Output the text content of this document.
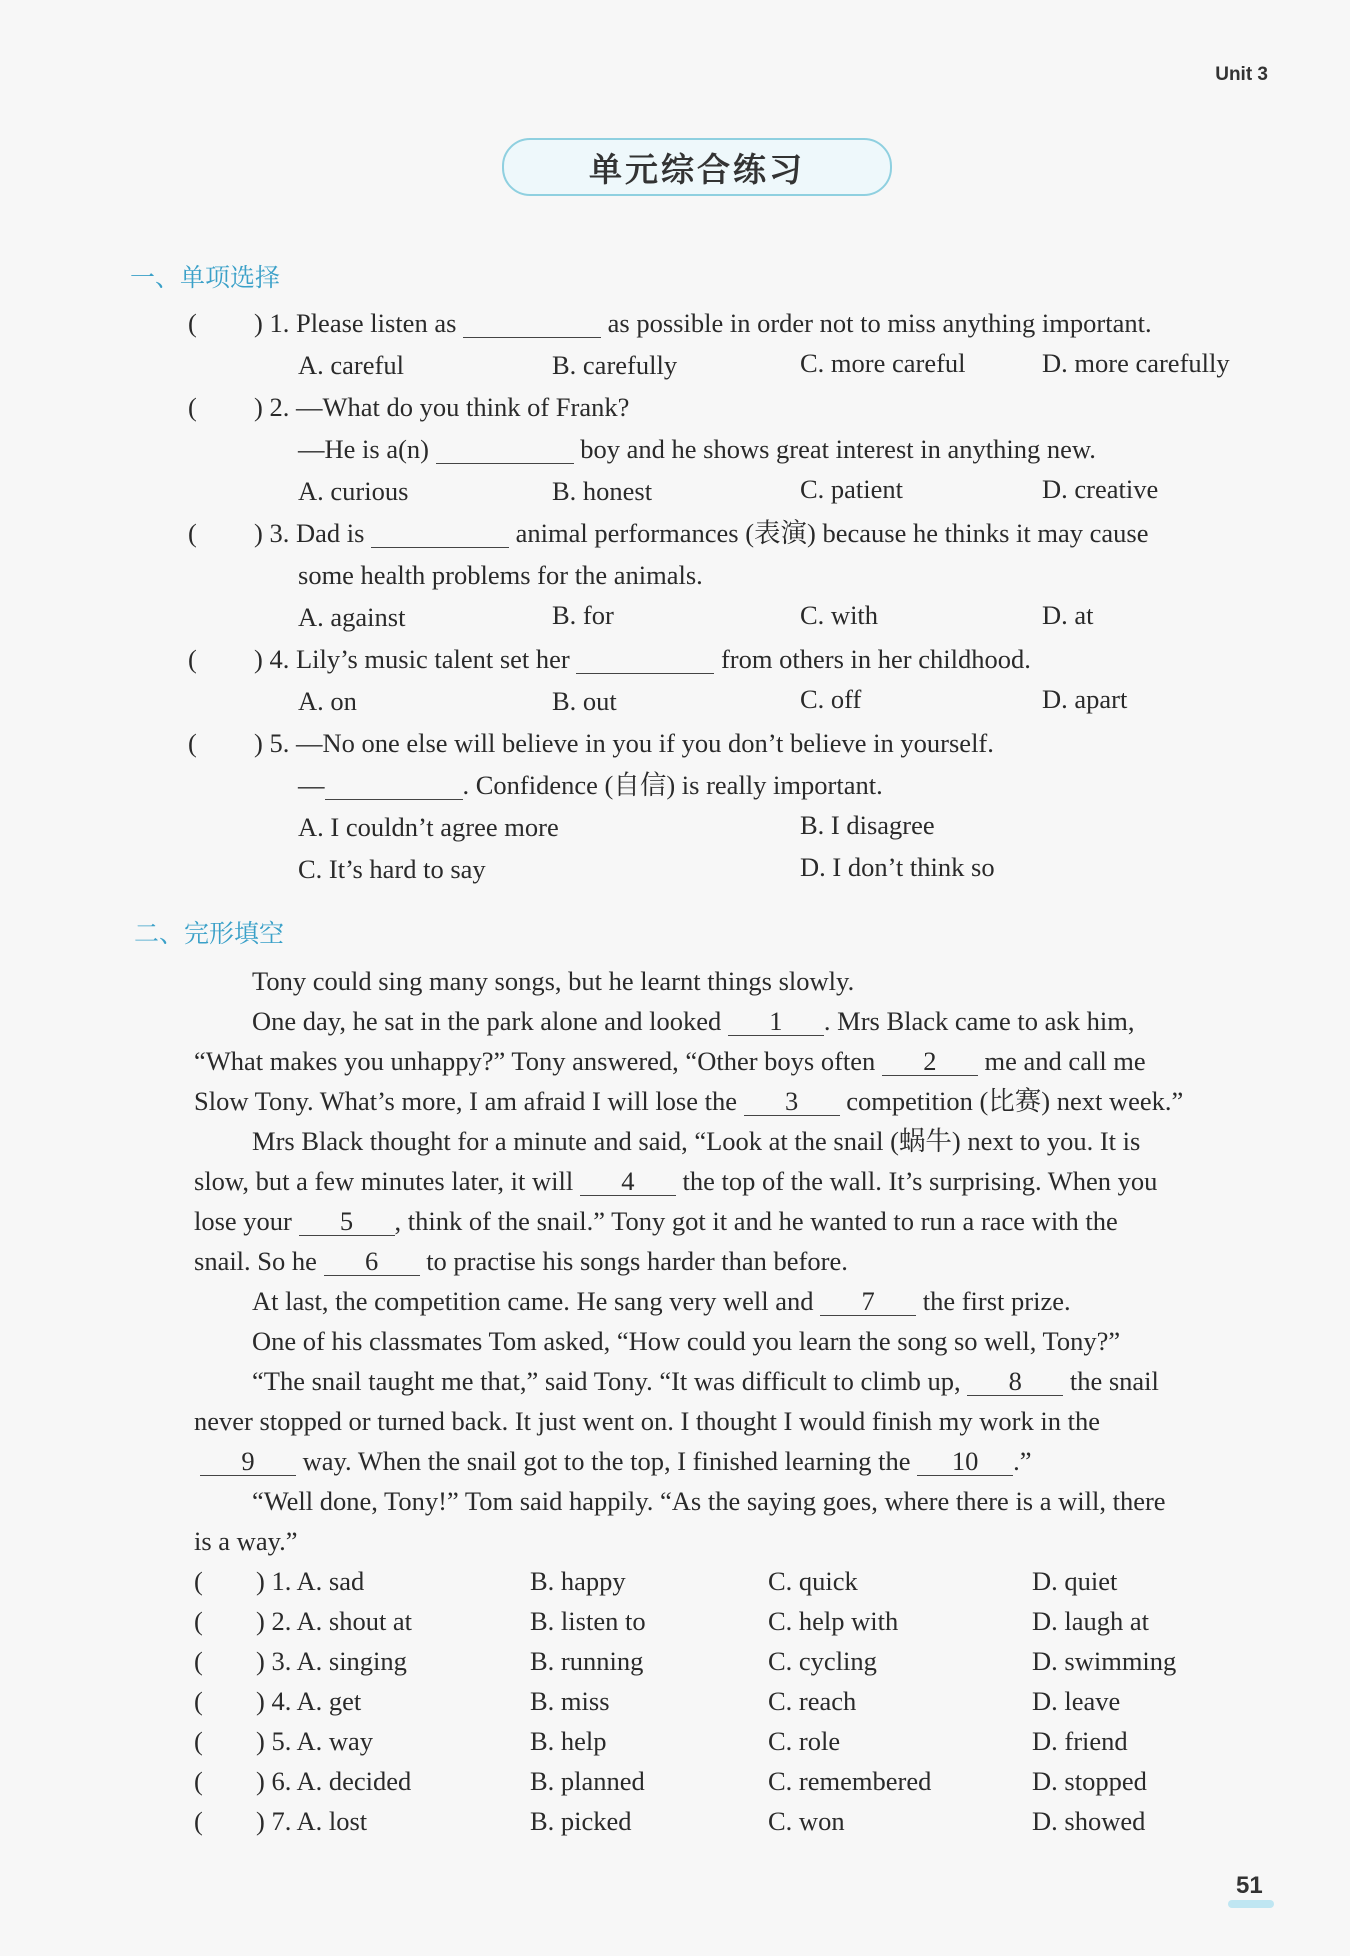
Unit 3
单元综合练习
一、单项选择
( ) 1. Please listen as	as possible in order not to miss anything important.
A. careful	B. carefully	C. more careful	D. more carefully
( ) 2. —What do you think of Frank?
—He is a(n)	boy and he shows great interest in anything new.
A. curious	B. honest	C. patient	D. creative
( ) 3. Dad is	animal performances (表演) because he thinks it may cause
some health problems for the animals.
A. against	B. for	C. with	D. at
( ) 4. Lily’s music talent set her	from others in her childhood.
A. on	B. out	C. off	D. apart
( ) 5. —No one else will believe in you if you don’t believe in yourself.
—	. Confidence (自信) is really important.
A. I couldn’t agree more	B. I disagree
C. It’s hard to say	D. I don’t think so
二、完形填空
Tony could sing many songs, but he learnt things slowly.
One day, he sat in the park alone and looked 1 . Mrs Black came to ask him,
“What makes you unhappy?” Tony answered, “Other boys often 2 me and call me
Slow Tony. What’s more, I am afraid I will lose the 3 competition (比赛) next week.”
Mrs Black thought for a minute and said, “Look at the snail (蜗牛) next to you. It is
slow, but a few minutes later, it will 4 the top of the wall. It’s surprising. When you
lose your 5 , think of the snail.” Tony got it and he wanted to run a race with the
snail. So he 6 to practise his songs harder than before.
At last, the competition came. He sang very well and 7 the first prize.
One of his classmates Tom asked, “How could you learn the song so well, Tony?”
“The snail taught me that,” said Tony. “It was difficult to climb up, 8 the snail
never stopped or turned back. It just went on. I thought I would finish my work in the
9 way. When the snail got to the top, I finished learning the 10 .”
“Well done, Tony!” Tom said happily. “As the saying goes, where there is a will, there
is a way.”
( ) 1. A. sad	B. happy	C. quick	D. quiet
( ) 2. A. shout at	B. listen to	C. help with	D. laugh at
( ) 3. A. singing	B. running	C. cycling	D. swimming
( ) 4. A. get	B. miss	C. reach	D. leave
( ) 5. A. way	B. help	C. role	D. friend
( ) 6. A. decided	B. planned	C. remembered	D. stopped
( ) 7. A. lost	B. picked	C. won	D. showed
51
